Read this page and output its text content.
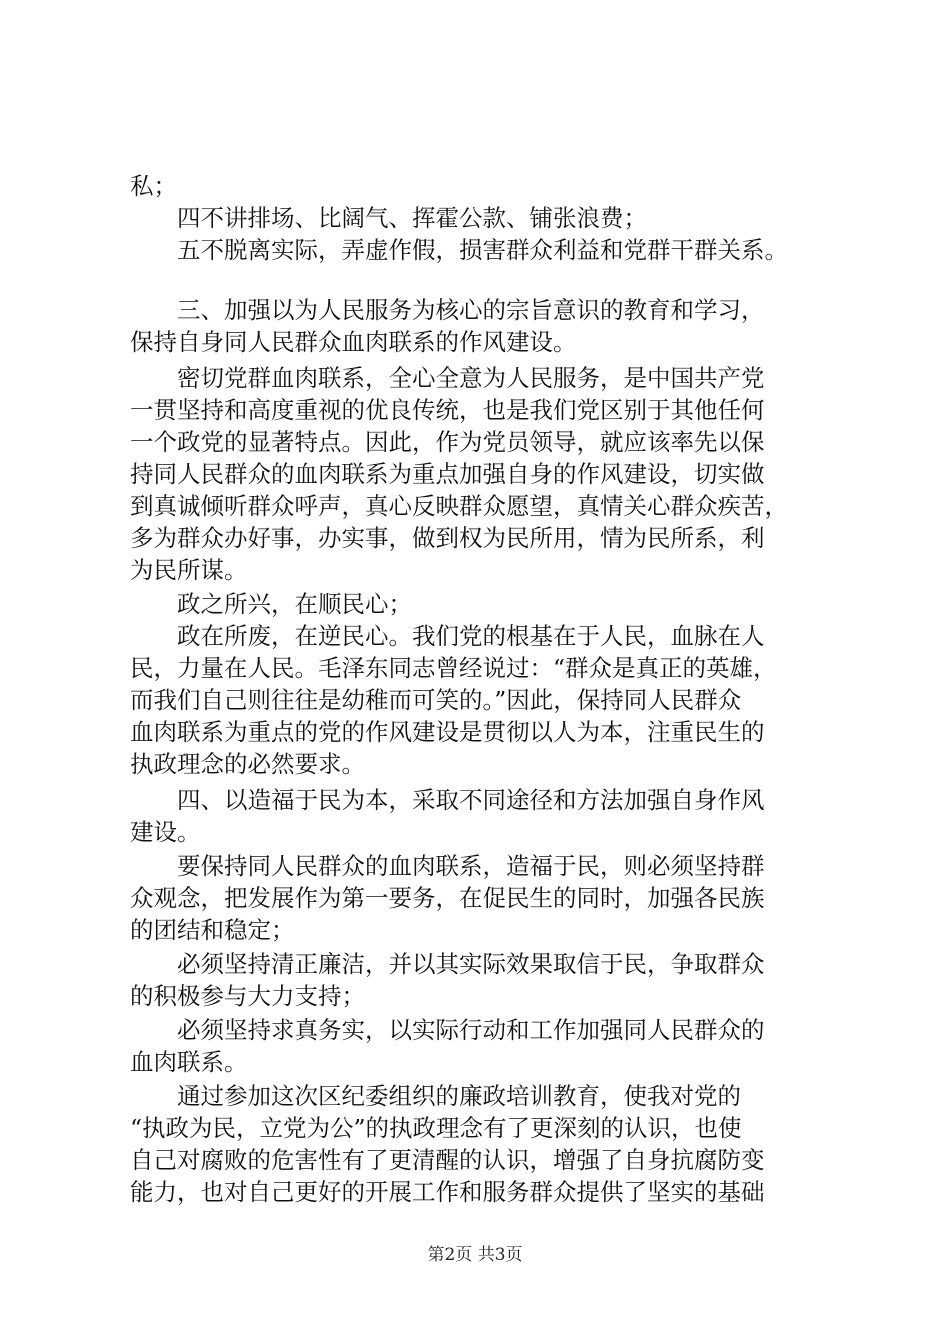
私；
　　四不讲排场、比阔气、挥霍公款、铺张浪费；
　　五不脱离实际，弄虚作假，损害群众利益和党群干群关系。
　　三、加强以为人民服务为核心的宗旨意识的教育和学习，
保持自身同人民群众血肉联系的作风建设。
　　密切党群血肉联系，全心全意为人民服务，是中国共产党
一贯坚持和高度重视的优良传统，也是我们党区别于其他任何
一个政党的显著特点。因此，作为党员领导，就应该率先以保
持同人民群众的血肉联系为重点加强自身的作风建设，切实做
到真诚倾听群众呼声，真心反映群众愿望，真情关心群众疾苦，
多为群众办好事，办实事，做到权为民所用，情为民所系，利
为民所谋。
　　政之所兴，在顺民心；
　　政在所废，在逆民心。我们党的根基在于人民，血脉在人
民，力量在人民。毛泽东同志曾经说过：“群众是真正的英雄，
而我们自己则往往是幼稚而可笑的。”因此，保持同人民群众
血肉联系为重点的党的作风建设是贯彻以人为本，注重民生的
执政理念的必然要求。
　　四、以造福于民为本，采取不同途径和方法加强自身作风
建设。
　　要保持同人民群众的血肉联系，造福于民，则必须坚持群
众观念，把发展作为第一要务，在促民生的同时，加强各民族
的团结和稳定；
　　必须坚持清正廉洁，并以其实际效果取信于民，争取群众
的积极参与大力支持；
　　必须坚持求真务实，以实际行动和工作加强同人民群众的
血肉联系。
　　通过参加这次区纪委组织的廉政培训教育，使我对党的
“执政为民，立党为公”的执政理念有了更深刻的认识，也使
自己对腐败的危害性有了更清醒的认识，增强了自身抗腐防变
能力，也对自己更好的开展工作和服务群众提供了坚实的基础
第2页 共3页
